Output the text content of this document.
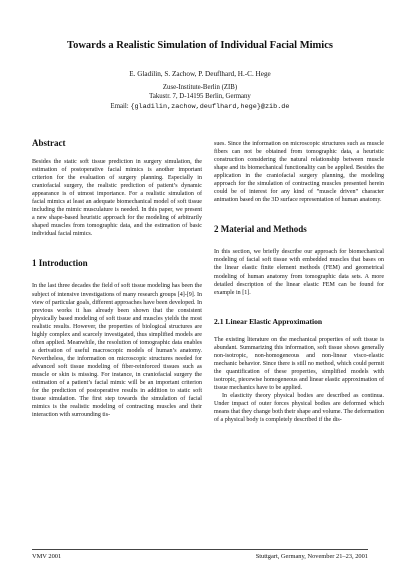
Towards a Realistic Simulation of Individual Facial Mimics
E. Gladilin, S. Zachow, P. Deuflhard, H.-C. Hege
Zuse-Institute-Berlin (ZIB)
Takustr. 7, D-14195 Berlin, Germany
Email: {gladilin,zachow,deuflhard,hege}@zib.de
Abstract

Besides the static soft tissue prediction in surgery simulation, the estimation of postoperative facial mimics is another important criterion for the evaluation of surgery planning. Especially in craniofacial surgery, the realistic prediction of patient’s dynamic appearance is of utmost importance. For a realistic simulation of facial mimics at least an adequate biomechanical model of soft tissue including the mimic musculature is needed. In this paper, we present a new shape-based heuristic approach for the modeling of arbitrarily shaped muscles from tomographic data, and the estimation of basic individual facial mimics.

1 Introduction

In the last three decades the field of soft tissue modeling has been the subject of intensive investigations of many research groups [4]-[9]. In view of particular goals, different approaches have been developed. In previous works it has already been shown that the consistent physically based modeling of soft tissue and muscles yields the most realistic results. However, the properties of biological structures are highly complex and scarcely investigated, thus simplified models are often applied. Meanwhile, the resolution of tomographic data enables a derivation of useful macroscopic models of human’s anatomy. Nevertheless, the information on microscopic structures needed for advanced soft tissue modeling of fiber-reinforced tissues such as muscle or skin is missing. For instance, in craniofacial surgery the estimation of a patient’s facial mimic will be an important criterion for the prediction of postoperative results in addition to static soft tissue simulation. The first step towards the simulation of facial mimics is the realistic modeling of contracting muscles and their interaction with surrounding tis-

sues. Since the information on microscopic structures such as muscle fibers can not be obtained from tomographic data, a heuristic construction considering the natural relationship between muscle shape and its biomechanical functionality can be applied. Besides the application in the craniofacial surgery planning, the modeling approach for the simulation of contracting muscles presented herein could be of interest for any kind of ”muscle driven” character animation based on the 3D surface representation of human anatomy.

2 Material and Methods

In this section, we briefly describe our approach for biomechanical modeling of facial soft tissue with embedded muscles that bases on the linear elastic finite element methods (FEM) and geometrical modeling of human anatomy from tomographic data sets. A more detailed description of the linear elastic FEM can be found for example in [1].

2.1 Linear Elastic Approximation

The existing literature on the mechanical properties of soft tissue is abundant. Summarizing this information, soft tissue shows generally non-isotropic, non-homogeneous and non-linear visco-elastic mechanic behavior. Since there is still no method, which could permit the quantification of these properties, simplified models with isotropic, piecewise homogeneous and linear elastic approximation of tissue mechanics have to be applied.

In elasticity theory physical bodies are described as continua. Under impact of outer forces physical bodies are deformed which means that they change both their shape and volume. The deformation of a physical body is completely described if the dis-

VMV 2001	Stuttgart, Germany, November 21–23, 2001
